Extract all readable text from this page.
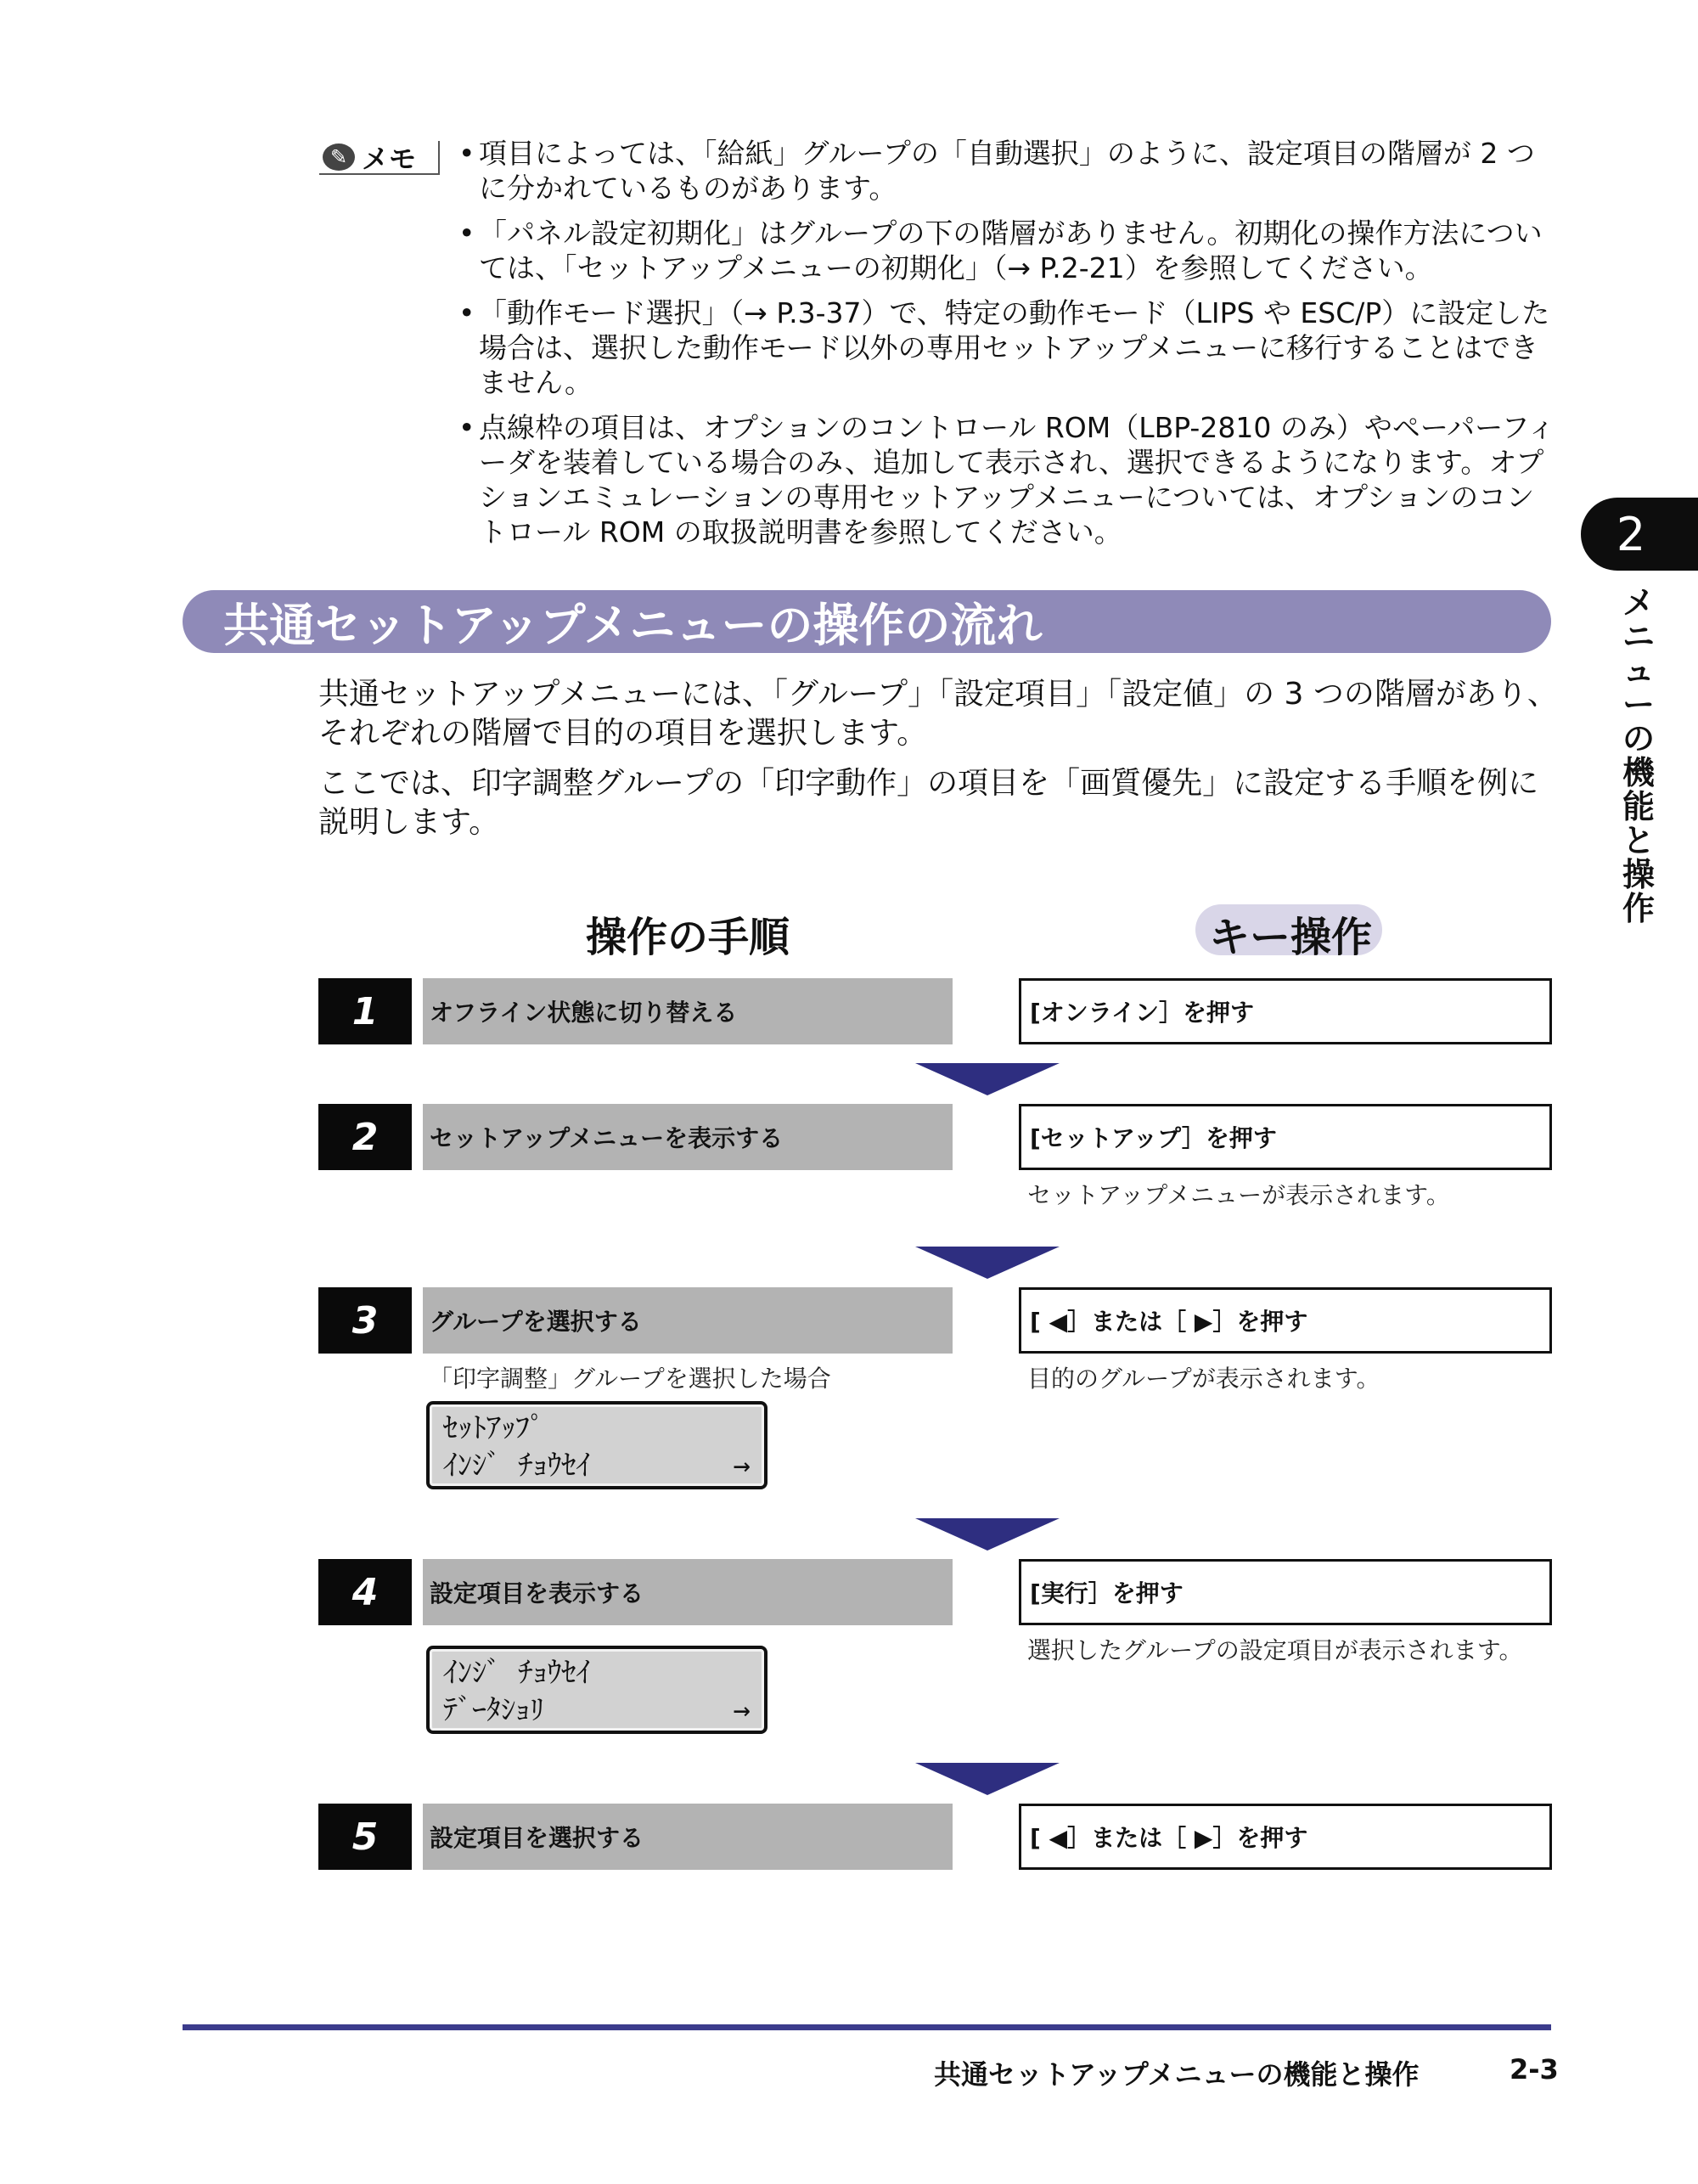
✎ メモ
•	項目によっては、「給紙」グループの「自動選択」のように、設定項目の階層が 2 つに分かれているものがあります。
• 「パネル設定初期化」はグループの下の階層がありません。初期化の操作方法については、「セットアップメニューの初期化」（→ P.2-21）を参照してください。
• 「動作モード選択」（→ P.3-37）で、特定の動作モード（LIPS や ESC/P）に設定した場合は、選択した動作モード以外の専用セットアップメニューに移行することはできません。
• 点線枠の項目は、オプションのコントロール ROM（LBP-2810 のみ）やペーパーフィーダを装着している場合のみ、追加して表示され、選択できるようになります。オプションエミュレーションの専用セットアップメニューについては、オプションのコントロール ROM の取扱説明書を参照してください。	2
メ
ニ
ュ
ー
の
機
能
と
操
作
共通セットアップメニューの操作の流れ
共通セットアップメニューには、「グループ」「設定項目」「設定値」の 3 つの階層があり、それぞれの階層で目的の項目を選択します。
ここでは、印字調整グループの「印字動作」の項目を「画質優先」に設定する手順を例に説明します。
操作の手順	キー操作
1	オフライン状態に切り替える	[オンライン］を押す
2	セットアップメニューを表示する	[セットアップ］を押す
セットアップメニューが表示されます。
3	グループを選択する	[ ◀］または［ ▶］を押す
「印字調整」グループを選択した場合	目的のグループが表示されます。
ｾｯﾄｱｯﾌﾟ
ｲﾝｼﾞ ﾁｮｳｾｲ	→
4	設定項目を表示する	[実行］を押す
選択したグループの設定項目が表示されます。
ｲﾝｼﾞ ﾁｮｳｾｲ
ﾃﾞｰﾀｼｮﾘ	→
5	設定項目を選択する	[ ◀］または［ ▶］を押す
共通セットアップメニューの機能と操作	2-3
